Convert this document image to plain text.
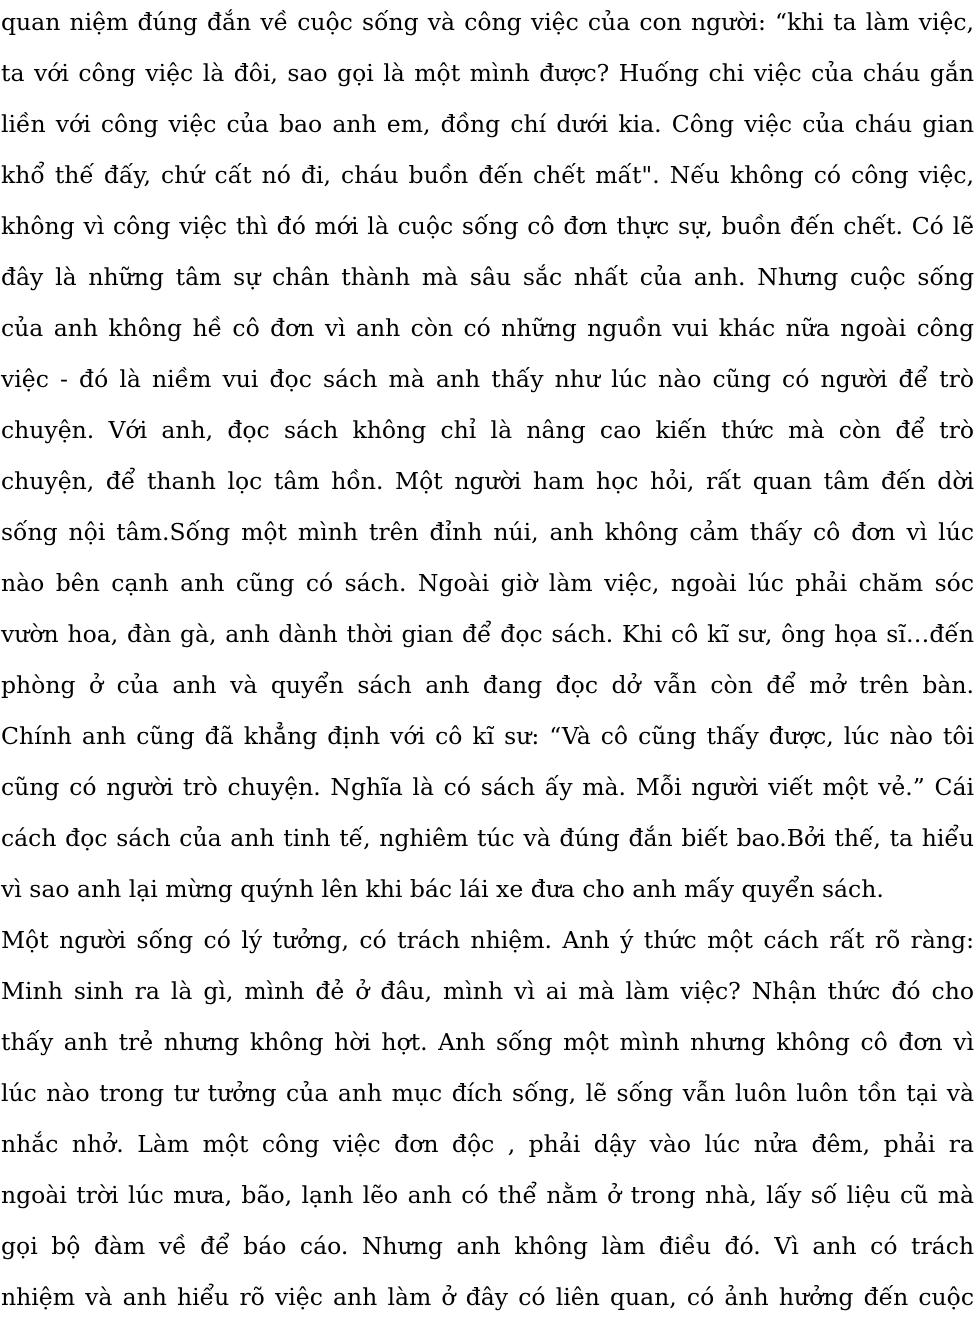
quan niệm đúng đắn về cuộc sống và công việc của con người: “khi ta làm việc,
ta với công việc là đôi, sao gọi là một mình được? Huống chi việc của cháu gắn
liền với công việc của bao anh em, đồng chí dưới kia. Công việc của cháu gian
khổ thế đấy, chứ cất nó đi, cháu buồn đến chết mất". Nếu không có công việc,
không vì công việc thì đó mới là cuộc sống cô đơn thực sự, buồn đến chết. Có lẽ
đây là những tâm sự chân thành mà sâu sắc nhất của anh. Nhưng cuộc sống
của anh không hề cô đơn vì anh còn có những nguồn vui khác nữa ngoài công
việc - đó là niềm vui đọc sách mà anh thấy như lúc nào cũng có người để trò
chuyện. Với anh, đọc sách không chỉ là nâng cao kiến thức mà còn để trò
chuyện, để thanh lọc tâm hồn. Một người ham học hỏi, rất quan tâm đến dời
sống nội tâm.Sống một mình trên đỉnh núi, anh không cảm thấy cô đơn vì lúc
nào bên cạnh anh cũng có sách. Ngoài giờ làm việc, ngoài lúc phải chăm sóc
vườn hoa, đàn gà, anh dành thời gian để đọc sách. Khi cô kĩ sư, ông họa sĩ…đến
phòng ở của anh và quyển sách anh đang đọc dở vẫn còn để mở trên bàn.
Chính anh cũng đã khẳng định với cô kĩ sư: “Và cô cũng thấy được, lúc nào tôi
cũng có người trò chuyện. Nghĩa là có sách ấy mà. Mỗi người viết một vẻ.” Cái
cách đọc sách của anh tinh tế, nghiêm túc và đúng đắn biết bao.Bởi thế, ta hiểu
vì sao anh lại mừng quýnh lên khi bác lái xe đưa cho anh mấy quyển sách.
Một người sống có lý tưởng, có trách nhiệm. Anh ý thức một cách rất rõ ràng:
Minh sinh ra là gì, mình đẻ ở đâu, mình vì ai mà làm việc? Nhận thức đó cho
thấy anh trẻ nhưng không hời hợt. Anh sống một mình nhưng không cô đơn vì
lúc nào trong tư tưởng của anh mục đích sống, lẽ sống vẫn luôn luôn tồn tại và
nhắc nhở. Làm một công việc đơn độc , phải dậy vào lúc nửa đêm, phải ra
ngoài trời lúc mưa, bão, lạnh lẽo anh có thể nằm ở trong nhà, lấy số liệu cũ mà
gọi bộ đàm về để báo cáo. Nhưng anh không làm điều đó. Vì anh có trách
nhiệm và anh hiểu rõ việc anh làm ở đây có liên quan, có ảnh hưởng đến cuộc
